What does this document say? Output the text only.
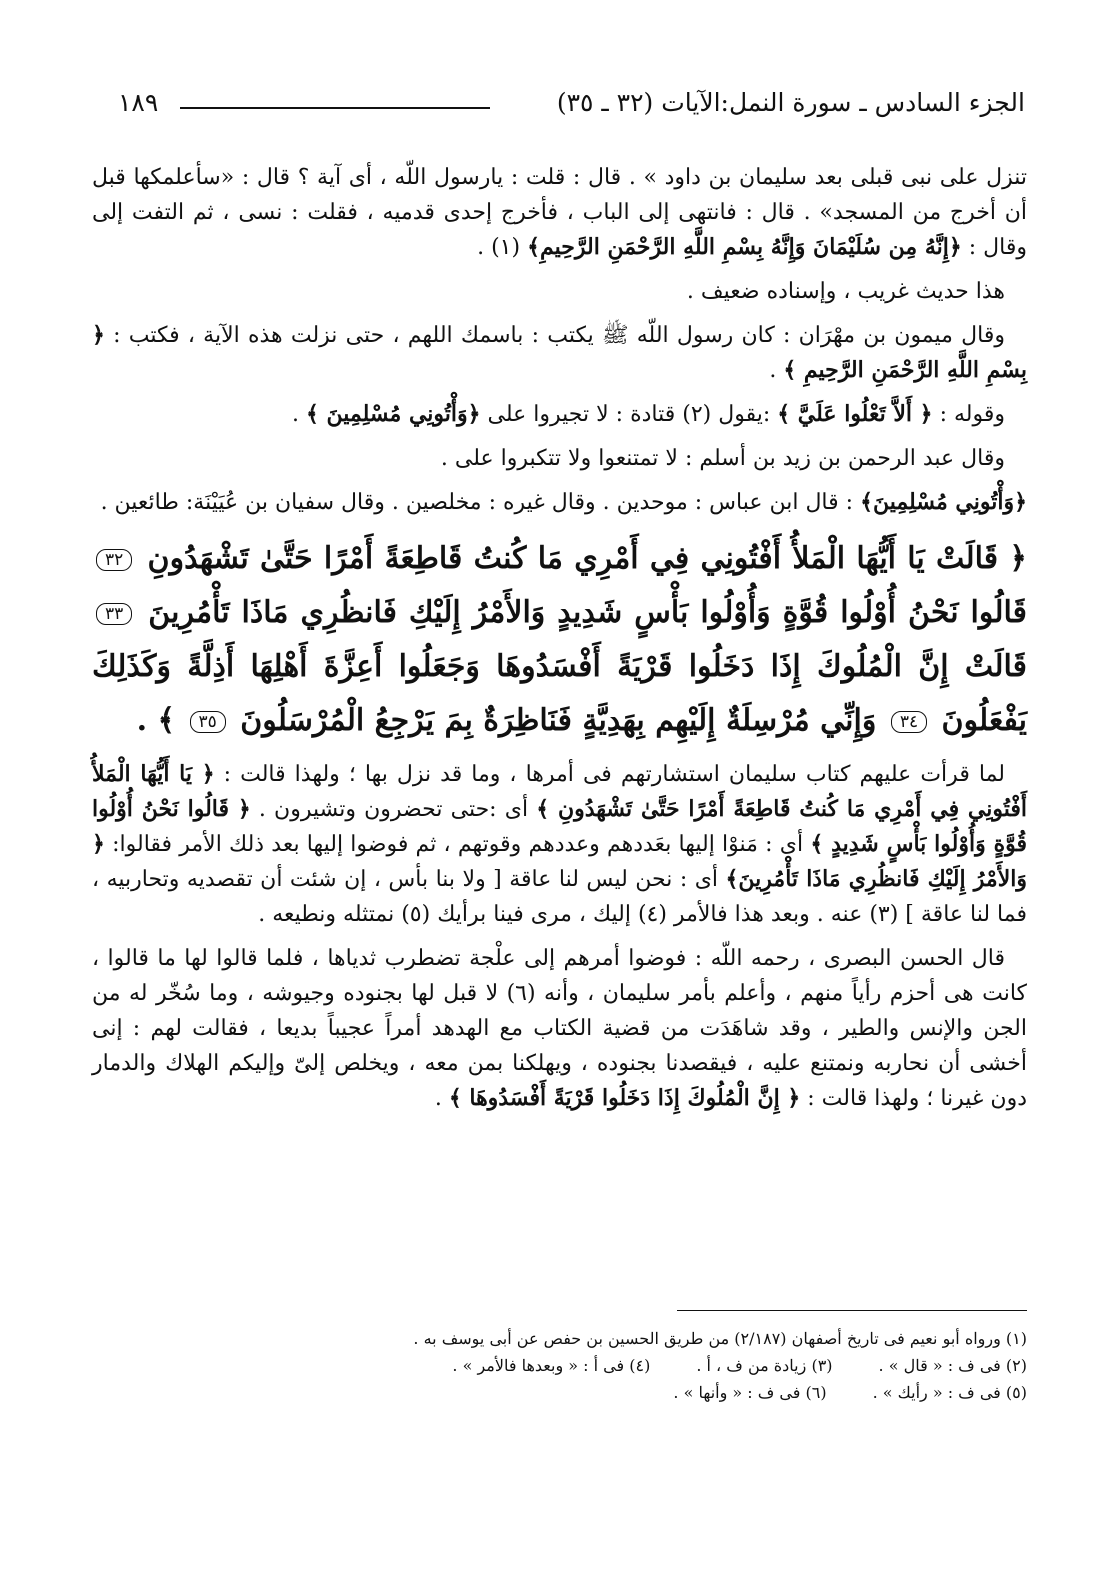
الجزء السادس ـ سورة النمل:الآيات (٣٢ ـ ٣٥)
١٨٩

تنزل على نبى قبلى بعد سليمان بن داود » . قال : قلت : يارسول اللّه ، أى آية ؟ قال : «سأعلمكها قبل أن أخرج من المسجد» . قال : فانتهى إلى الباب ، فأخرج إحدى قدميه ، فقلت : نسى ، ثم التفت إلى وقال : ﴿إِنَّهُ مِن سُلَيْمَانَ وَإِنَّهُ بِسْمِ اللَّهِ الرَّحْمَنِ الرَّحِيمِ﴾ (١) .

هذا حديث غريب ، وإسناده ضعيف .

وقال ميمون بن مهْرَان : كان رسول اللّه ﷺ يكتب : باسمك اللهم ، حتى نزلت هذه الآية ، فكتب : ﴿ بِسْمِ اللَّهِ الرَّحْمَنِ الرَّحِيمِ ﴾ .

وقوله : ﴿ أَلاَّ تَعْلُوا عَلَيَّ ﴾ :يقول (٢) قتادة : لا تجيروا على ﴿وَأْتُونِي مُسْلِمِينَ ﴾ .

وقال عبد الرحمن بن زيد بن أسلم : لا تمتنعوا ولا تتكبروا على .

﴿وَأْتُونِي مُسْلِمِينَ﴾ : قال ابن عباس : موحدين . وقال غيره : مخلصين . وقال سفيان بن عُيَيْنَة: طائعين .

﴿ قَالَتْ يَا أَيُّهَا الْمَلأُ أَفْتُونِي فِي أَمْرِي مَا كُنتُ قَاطِعَةً أَمْرًا حَتَّىٰ تَشْهَدُونِ ٣٢ قَالُوا نَحْنُ أُوْلُوا قُوَّةٍ وَأُوْلُوا بَأْسٍ شَدِيدٍ وَالأَمْرُ إِلَيْكِ فَانظُرِي مَاذَا تَأْمُرِينَ ٣٣ قَالَتْ إِنَّ الْمُلُوكَ إِذَا دَخَلُوا قَرْيَةً أَفْسَدُوهَا وَجَعَلُوا أَعِزَّةَ أَهْلِهَا أَذِلَّةً وَكَذَلِكَ يَفْعَلُونَ ٣٤ وَإِنِّي مُرْسِلَةٌ إِلَيْهِم بِهَدِيَّةٍ فَنَاظِرَةٌ بِمَ يَرْجِعُ الْمُرْسَلُونَ ٣٥ ﴾ .

لما قرأت عليهم كتاب سليمان استشارتهم فى أمرها ، وما قد نزل بها ؛ ولهذا قالت : ﴿ يَا أَيُّهَا الْمَلأُ أَفْتُونِي فِي أَمْرِي مَا كُنتُ قَاطِعَةً أَمْرًا حَتَّىٰ تَشْهَدُونِ ﴾ أى :حتى تحضرون وتشيرون . ﴿ قَالُوا نَحْنُ أُوْلُوا قُوَّةٍ وَأُوْلُوا بَأْسٍ شَدِيدٍ ﴾ أى : مَنوْا إليها بعَددهم وعددهم وقوتهم ، ثم فوضوا إليها بعد ذلك الأمر فقالوا: ﴿ وَالأَمْرُ إِلَيْكِ فَانظُرِي مَاذَا تَأْمُرِينَ﴾ أى : نحن ليس لنا عاقة [ ولا بنا بأس ، إن شئت أن تقصديه وتحاربيه ، فما لنا عاقة ] (٣) عنه . وبعد هذا فالأمر (٤) إليك ، مرى فينا برأيك (٥) نمتثله ونطيعه .

قال الحسن البصرى ، رحمه اللّه : فوضوا أمرهم إلى علْجة تضطرب ثدياها ، فلما قالوا لها ما قالوا ، كانت هى أحزم رأياً منهم ، وأعلم بأمر سليمان ، وأنه (٦) لا قبل لها بجنوده وجيوشه ، وما سُخّر له من الجن والإنس والطير ، وقد شاهَدَت من قضية الكتاب مع الهدهد أمراً عجيباً بديعا ، فقالت لهم : إنى أخشى أن نحاربه ونمتنع عليه ، فيقصدنا بجنوده ، ويهلكنا بمن معه ، ويخلص إلىّ وإليكم الهلاك والدمار دون غيرنا ؛ ولهذا قالت : ﴿ إِنَّ الْمُلُوكَ إِذَا دَخَلُوا قَرْيَةً أَفْسَدُوهَا ﴾ .

(١) ورواه أبو نعيم فى تاريخ أصفهان (٢/١٨٧) من طريق الحسين بن حفص عن أبى يوسف به .
(٢) فى ف : « قال » .
(٣) زيادة من ف ، أ .
(٤) فى أ : « وبعدها فالأمر » .
(٥) فى ف : « رأيك » .
(٦) فى ف : « وأنها » .
